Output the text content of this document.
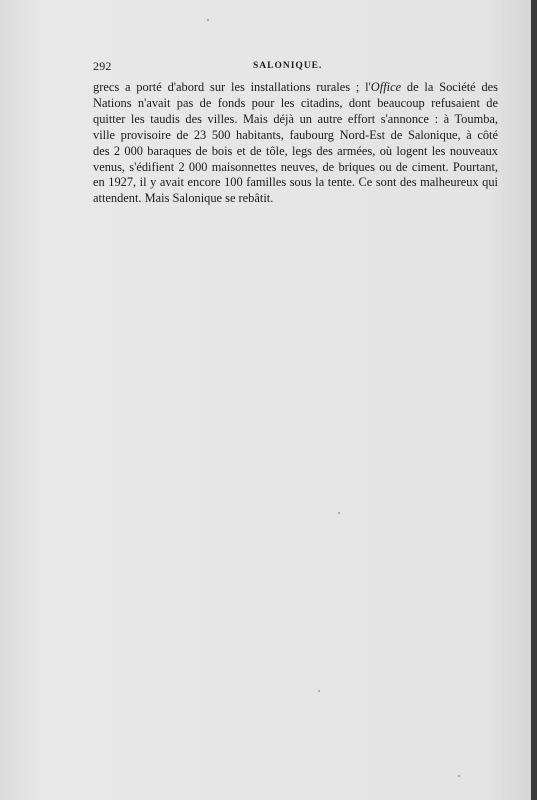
292	SALONIQUE.
grecs a porté d'abord sur les installations rurales ; l'Office de la Société des
Nations n'avait pas de fonds pour les citadins, dont beaucoup refusaient de
quitter les taudis des villes. Mais déjà un autre effort s'annonce : à Toumba,
ville provisoire de 23 500 habitants, faubourg Nord-Est de Salonique, à côté
des 2 000 baraques de bois et de tôle, legs des armées, où logent les nouveaux
venus, s'édifient 2 000 maisonnettes neuves, de briques ou de ciment. Pourtant,
en 1927, il y avait encore 100 familles sous la tente. Ce sont des malheureux qui
attendent. Mais Salonique se rebâtit.
